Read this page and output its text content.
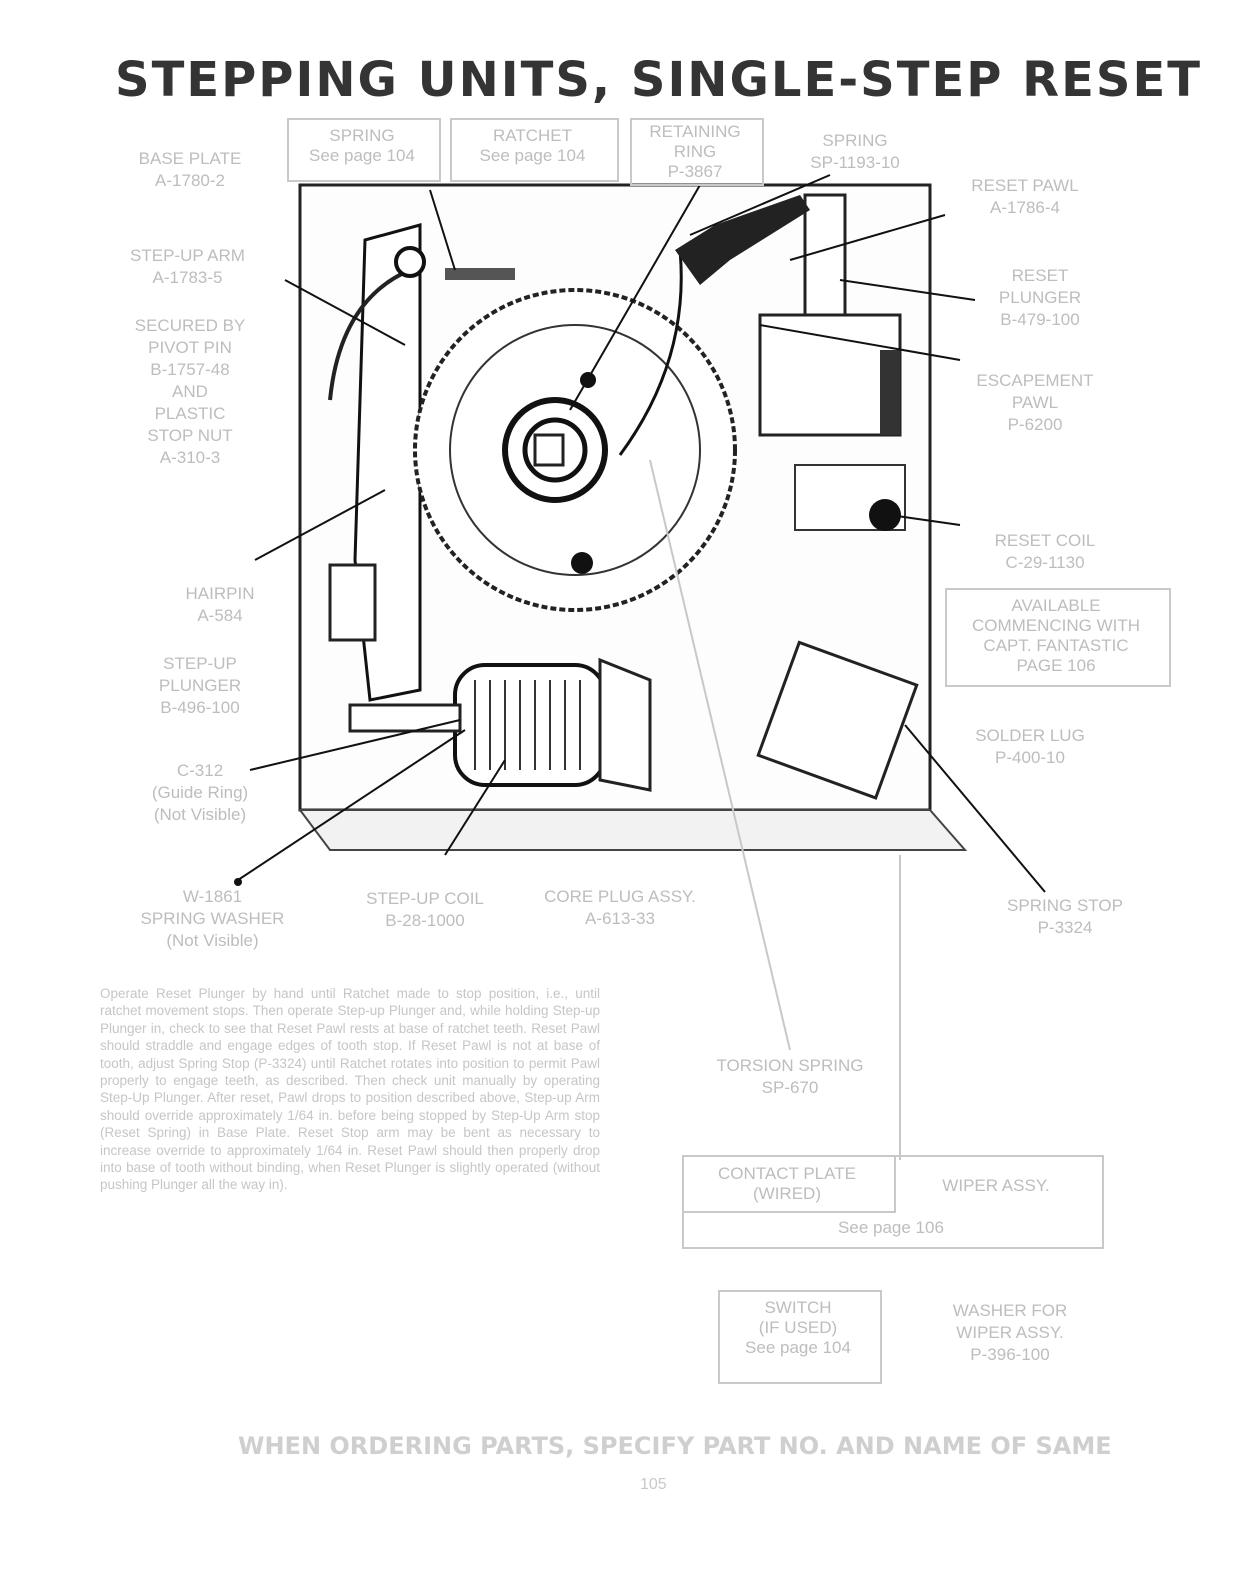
STEPPING UNITS, SINGLE-STEP RESET
BASE PLATE
A-1780-2
STEP-UP ARM
A-1783-5
SECURED BY
PIVOT PIN
B-1757-48
AND
PLASTIC
STOP NUT
A-310-3
HAIRPIN
A-584
STEP-UP
PLUNGER
B-496-100
C-312
(Guide Ring)
(Not Visible)
W-1861
SPRING WASHER
(Not Visible)
STEP-UP COIL
B-28-1000
CORE PLUG ASSY.
A-613-33
SPRING
SP-1193-10
RESET PAWL
A-1786-4
RESET
PLUNGER
B-479-100
ESCAPEMENT
PAWL
P-6200
RESET COIL
C-29-1130
SOLDER LUG
P-400-10
SPRING STOP
P-3324
TORSION SPRING
SP-670
WASHER FOR
WIPER ASSY.
P-396-100
SPRING
See page 104
RATCHET
See page 104
RETAINING
RING
P-3867
AVAILABLE
COMMENCING WITH
CAPT. FANTASTIC
PAGE 106
CONTACT PLATE
(WIRED)	WIPER ASSY.
See page 106
SWITCH
(IF USED)
See page 104
Operate Reset Plunger by hand until Ratchet made to stop position, i.e., until ratchet movement stops. Then operate Step-up Plunger and, while holding Step-up Plunger in, check to see that Reset Pawl rests at base of ratchet teeth. Reset Pawl should straddle and engage edges of tooth stop. If Reset Pawl is not at base of tooth, adjust Spring Stop (P-3324) until Ratchet rotates into position to permit Pawl properly to engage teeth, as described. Then check unit manually by operating Step-Up Plunger. After reset, Pawl drops to position described above, Step-up Arm should override approximately 1/64 in. before being stopped by Step-Up Arm stop (Reset Spring) in Base Plate. Reset Stop arm may be bent as necessary to increase override to approximately 1/64 in. Reset Pawl should then properly drop into base of tooth without binding, when Reset Plunger is slightly operated (without pushing Plunger all the way in).
WHEN ORDERING PARTS, SPECIFY PART NO. AND NAME OF SAME
105
